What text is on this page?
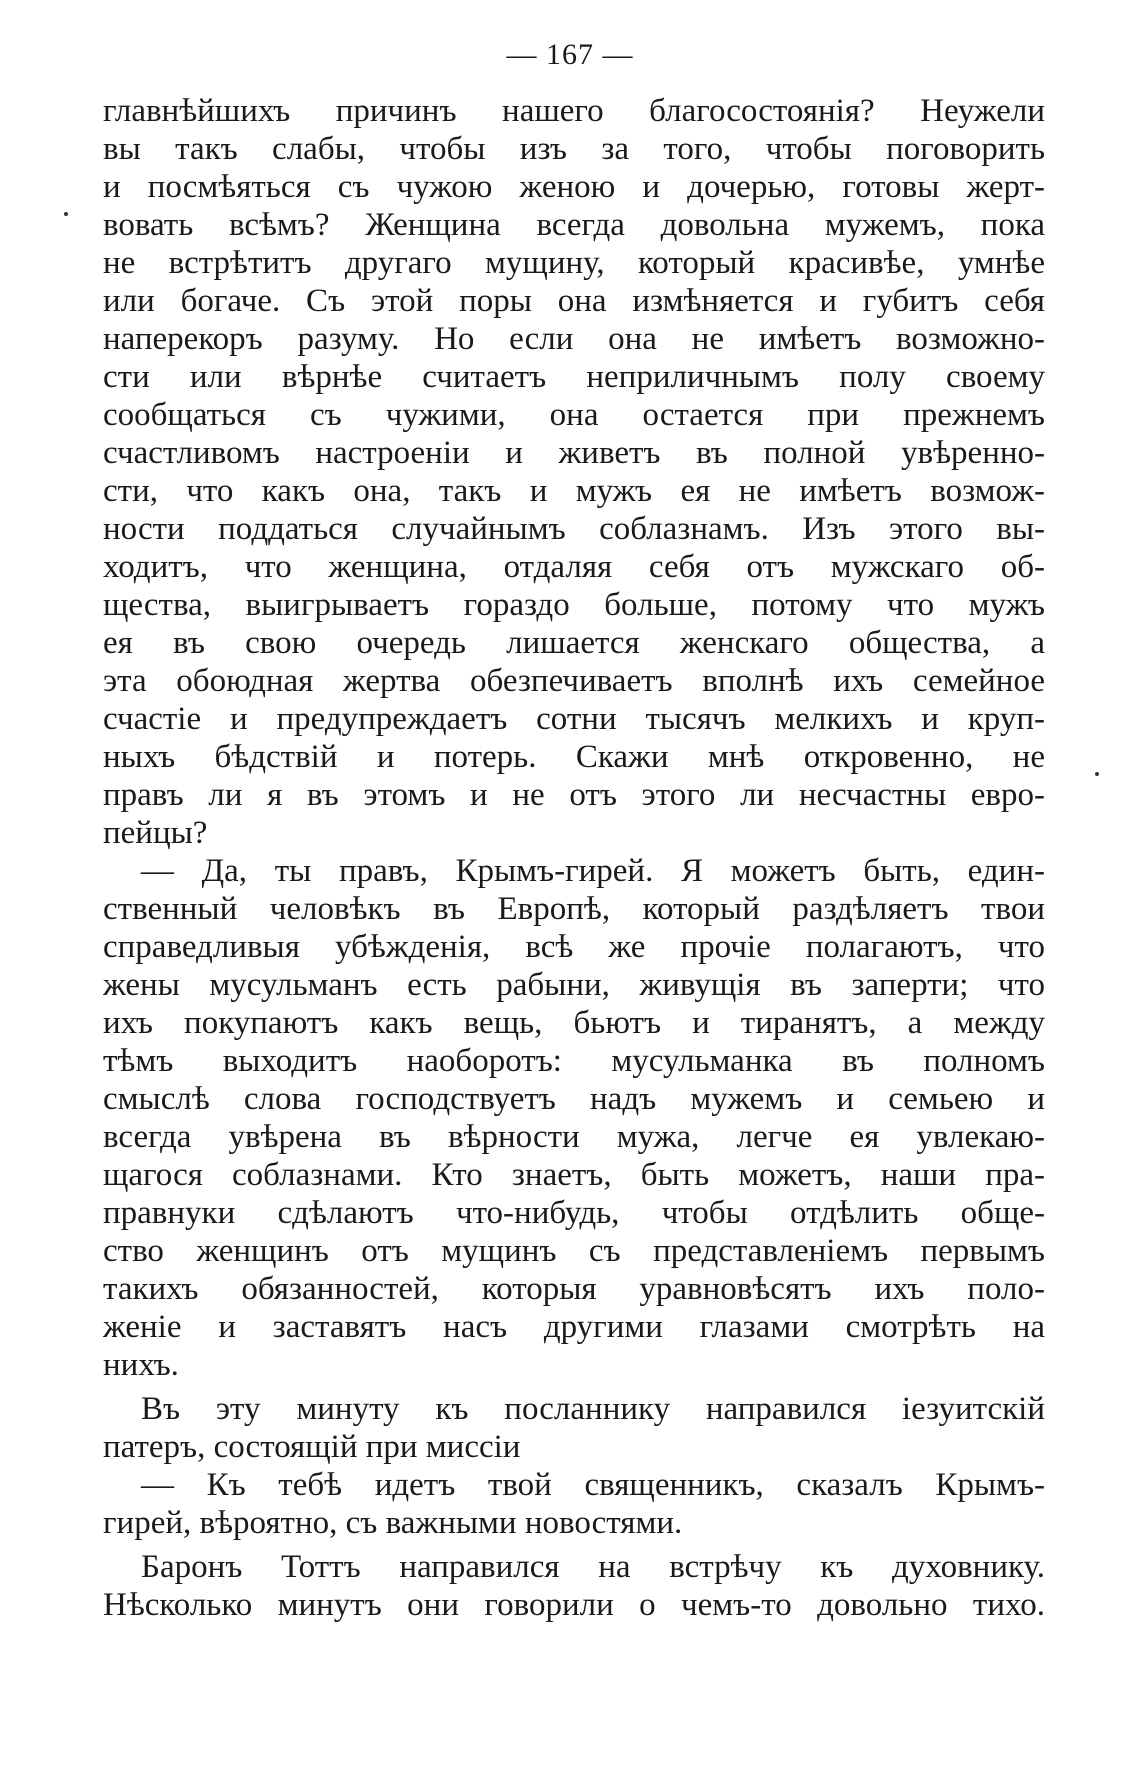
— 167 —
главнѣйшихъ причинъ нашего благосостоянія? Неужели
вы такъ слабы, чтобы изъ за того, чтобы поговорить
и посмѣяться съ чужою женою и дочерью, готовы жерт-
вовать всѣмъ? Женщина всегда довольна мужемъ, пока
не встрѣтитъ другаго мущину, который красивѣе, умнѣе
или богаче. Съ этой поры она измѣняется и губитъ себя
наперекоръ разуму. Но если она не имѣетъ возможно-
сти или вѣрнѣе считаетъ неприличнымъ полу своему
сообщаться съ чужими, она остается при прежнемъ
счастливомъ настроеніи и живетъ въ полной увѣренно-
сти, что какъ она, такъ и мужъ ея не имѣетъ возмож-
ности поддаться случайнымъ соблазнамъ. Изъ этого вы-
ходитъ, что женщина, отдаляя себя отъ мужскаго об-
щества, выигрываетъ гораздо больше, потому что мужъ
ея въ свою очередь лишается женскаго общества, а
эта обоюдная жертва обезпечиваетъ вполнѣ ихъ семейное
счастіе и предупреждаетъ сотни тысячъ мелкихъ и круп-
ныхъ бѣдствій и потерь. Скажи мнѣ откровенно, не
правъ ли я въ этомъ и не отъ этого ли несчастны евро-
пейцы?
— Да, ты правъ, Крымъ-гирей. Я можетъ быть, един-
ственный человѣкъ въ Европѣ, который раздѣляетъ твои
справедливыя убѣжденія, всѣ же прочіе полагаютъ, что
жены мусульманъ есть рабыни, живущія въ заперти; что
ихъ покупаютъ какъ вещь, бьютъ и тиранятъ, а между
тѣмъ выходитъ наоборотъ: мусульманка въ полномъ
смыслѣ слова господствуетъ надъ мужемъ и семьею и
всегда увѣрена въ вѣрности мужа, легче ея увлекаю-
щагося соблазнами. Кто знаетъ, быть можетъ, наши пра-
правнуки сдѣлаютъ что-нибудь, чтобы отдѣлить обще-
ство женщинъ отъ мущинъ съ представленіемъ первымъ
такихъ обязанностей, которыя уравновѣсятъ ихъ поло-
женіе и заставятъ насъ другими глазами смотрѣть на
нихъ.
Въ эту минуту къ посланнику направился іезуитскій
патеръ, состоящій при миссіи
— Къ тебѣ идетъ твой священникъ, сказалъ Крымъ-
гирей, вѣроятно, съ важными новостями.
Баронъ Тоттъ направился на встрѣчу къ духовнику.
Нѣсколько минутъ они говорили о чемъ-то довольно тихо.
